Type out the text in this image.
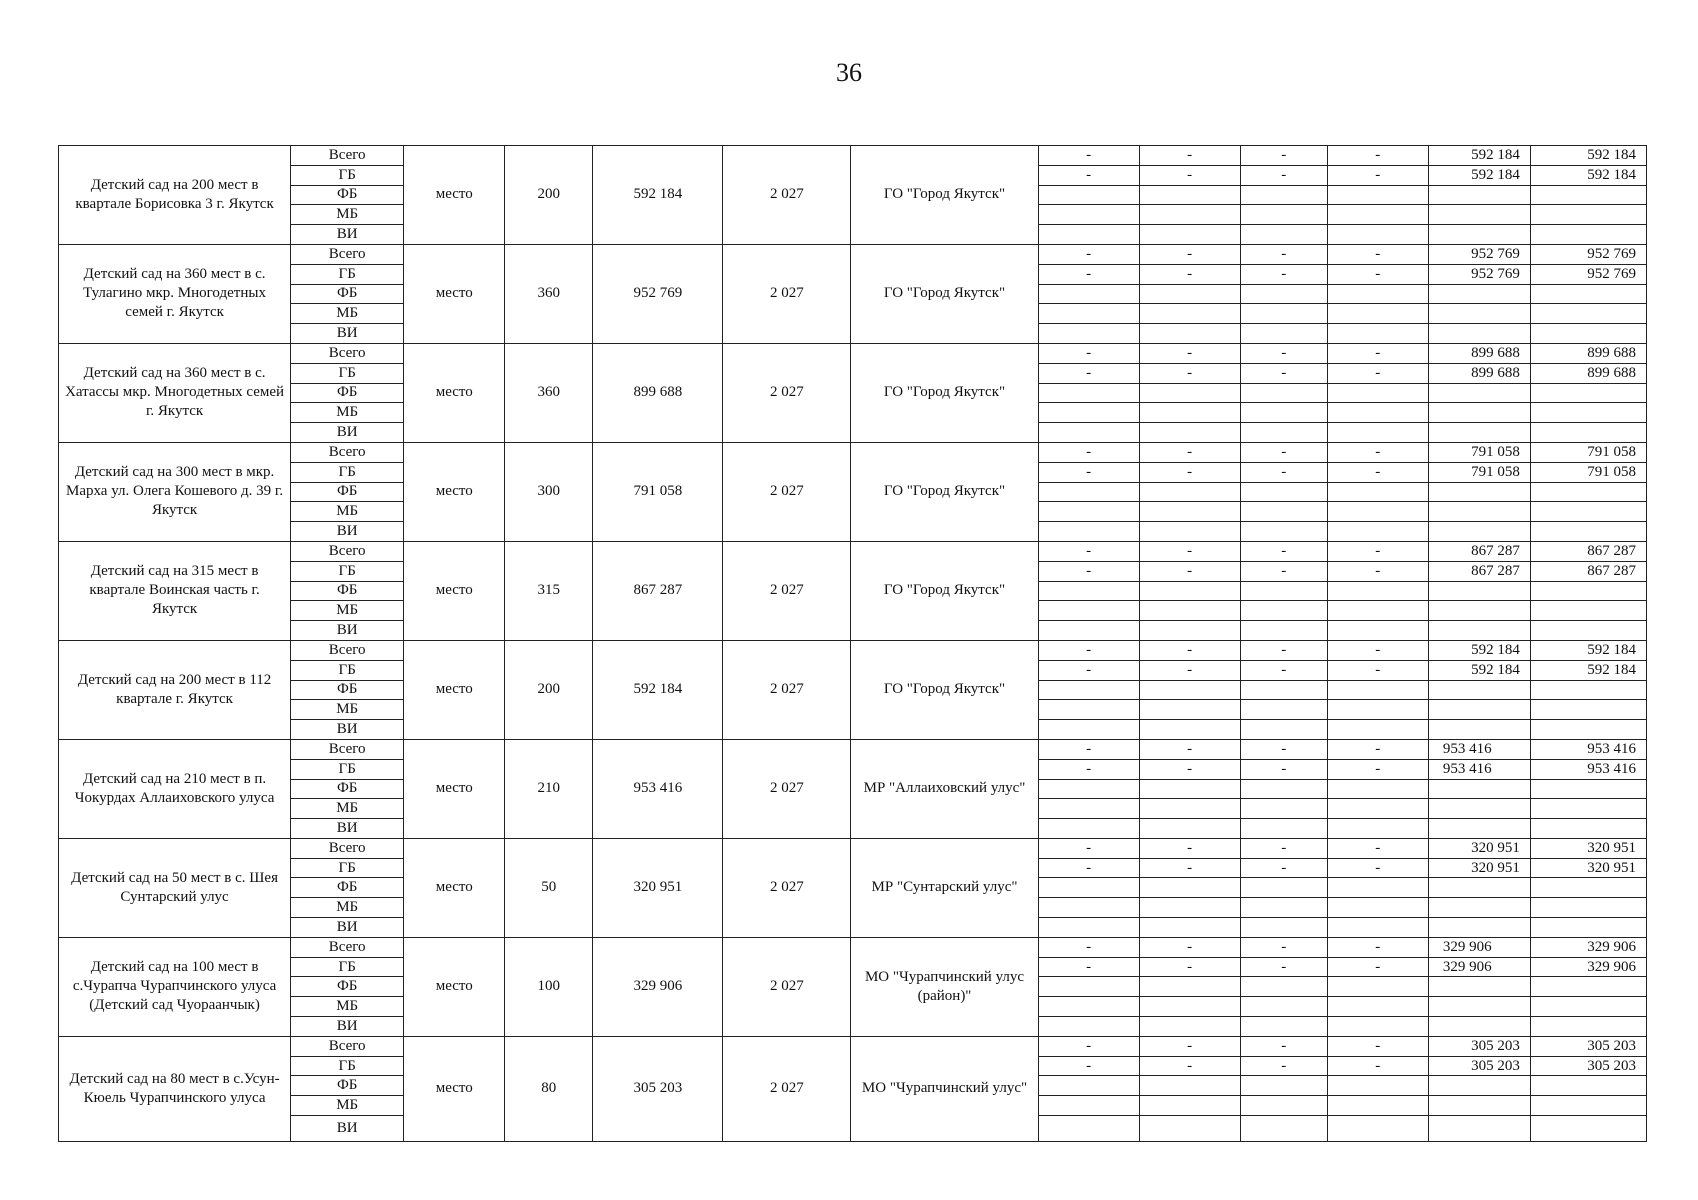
36
Детский сад на 200 мест в квартале Борисовка 3 г. Якутск	Всего	место	200	592 184	2 027	ГО "Город Якутск"	-	-	-	-	592 184	592 184
	ГБ						-	-	-	-	592 184	592 184
	ФБ											
	МБ											
	ВИ											
Детский сад на 360 мест в с. Тулагино мкр. Многодетных семей г. Якутск	Всего	место	360	952 769	2 027	ГО "Город Якутск"	-	-	-	-	952 769	952 769
	ГБ						-	-	-	-	952 769	952 769
	ФБ											
	МБ											
	ВИ											
Детский сад на 360 мест в с. Хатассы мкр. Многодетных семей г. Якутск	Всего	место	360	899 688	2 027	ГО "Город Якутск"	-	-	-	-	899 688	899 688
	ГБ						-	-	-	-	899 688	899 688
	ФБ											
	МБ											
	ВИ											
Детский сад на 300 мест в мкр. Марха ул. Олега Кошевого д. 39 г. Якутск	Всего	место	300	791 058	2 027	ГО "Город Якутск"	-	-	-	-	791 058	791 058
	ГБ						-	-	-	-	791 058	791 058
	ФБ											
	МБ											
	ВИ											
Детский сад на 315 мест в квартале Воинская часть г. Якутск	Всего	место	315	867 287	2 027	ГО "Город Якутск"	-	-	-	-	867 287	867 287
	ГБ						-	-	-	-	867 287	867 287
	ФБ											
	МБ											
	ВИ											
Детский сад на 200 мест в 112 квартале г. Якутск	Всего	место	200	592 184	2 027	ГО "Город Якутск"	-	-	-	-	592 184	592 184
	ГБ						-	-	-	-	592 184	592 184
	ФБ											
	МБ											
	ВИ											
Детский сад на 210 мест в п. Чокурдах Аллаиховского улуса	Всего	место	210	953 416	2 027	МР "Аллаиховский улус"	-	-	-	-	953 416	953 416
	ГБ						-	-	-	-	953 416	953 416
	ФБ											
	МБ											
	ВИ											
Детский сад на 50 мест в с. Шея Сунтарский улус	Всего	место	50	320 951	2 027	МР "Сунтарский улус"	-	-	-	-	320 951	320 951
	ГБ						-	-	-	-	320 951	320 951
	ФБ											
	МБ											
	ВИ											
Детский сад на 100 мест в с.Чурапча Чурапчинского улуса (Детский сад Чуораанчык)	Всего	место	100	329 906	2 027	МО "Чурапчинский улус (район)"	-	-	-	-	329 906	329 906
	ГБ						-	-	-	-	329 906	329 906
	ФБ											
	МБ											
	ВИ											
Детский сад на 80 мест в с.Усун-Кюель Чурапчинского улуса	Всего	место	80	305 203	2 027	МО "Чурапчинский улус"	-	-	-	-	305 203	305 203
	ГБ						-	-	-	-	305 203	305 203
	ФБ											
	МБ											
	ВИ											
